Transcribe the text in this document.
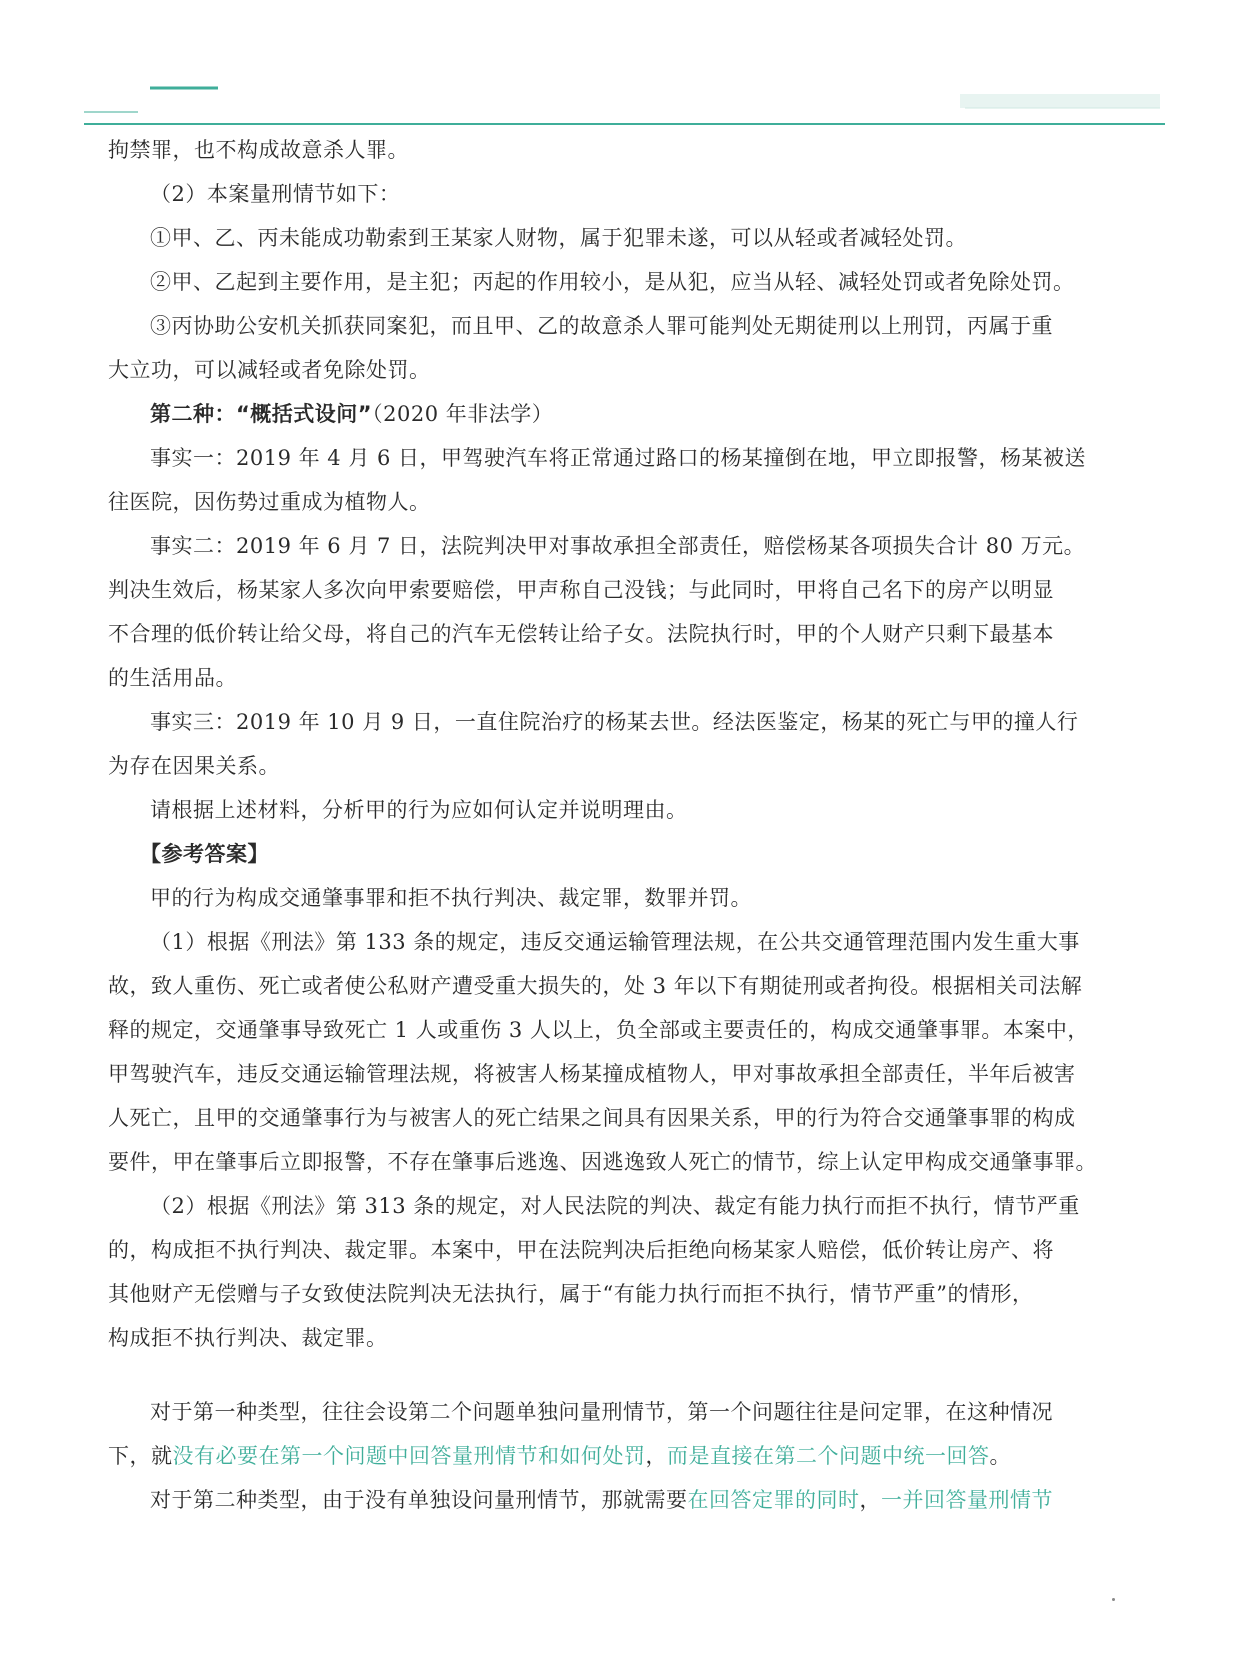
拘禁罪，也不构成故意杀人罪。
（2）本案量刑情节如下：
①甲、乙、丙未能成功勒索到王某家人财物，属于犯罪未遂，可以从轻或者减轻处罚。
②甲、乙起到主要作用，是主犯；丙起的作用较小，是从犯，应当从轻、减轻处罚或者免除处罚。
③丙协助公安机关抓获同案犯，而且甲、乙的故意杀人罪可能判处无期徒刑以上刑罚，丙属于重
大立功，可以减轻或者免除处罚。
第二种：“概括式设问”（2020 年非法学）
事实一：2019 年 4 月 6 日，甲驾驶汽车将正常通过路口的杨某撞倒在地，甲立即报警，杨某被送
往医院，因伤势过重成为植物人。
事实二：2019 年 6 月 7 日，法院判决甲对事故承担全部责任，赔偿杨某各项损失合计 80 万元。
判决生效后，杨某家人多次向甲索要赔偿，甲声称自己没钱；与此同时，甲将自己名下的房产以明显
不合理的低价转让给父母，将自己的汽车无偿转让给子女。法院执行时，甲的个人财产只剩下最基本
的生活用品。
事实三：2019 年 10 月 9 日，一直住院治疗的杨某去世。经法医鉴定，杨某的死亡与甲的撞人行
为存在因果关系。
请根据上述材料，分析甲的行为应如何认定并说明理由。
【参考答案】
甲的行为构成交通肇事罪和拒不执行判决、裁定罪，数罪并罚。
（1）根据《刑法》第 133 条的规定，违反交通运输管理法规，在公共交通管理范围内发生重大事
故，致人重伤、死亡或者使公私财产遭受重大损失的，处 3 年以下有期徒刑或者拘役。根据相关司法解
释的规定，交通肇事导致死亡 1 人或重伤 3 人以上，负全部或主要责任的，构成交通肇事罪。本案中，
甲驾驶汽车，违反交通运输管理法规，将被害人杨某撞成植物人，甲对事故承担全部责任，半年后被害
人死亡，且甲的交通肇事行为与被害人的死亡结果之间具有因果关系，甲的行为符合交通肇事罪的构成
要件，甲在肇事后立即报警，不存在肇事后逃逸、因逃逸致人死亡的情节，综上认定甲构成交通肇事罪。
（2）根据《刑法》第 313 条的规定，对人民法院的判决、裁定有能力执行而拒不执行，情节严重
的，构成拒不执行判决、裁定罪。本案中，甲在法院判决后拒绝向杨某家人赔偿，低价转让房产、将
其他财产无偿赠与子女致使法院判决无法执行，属于“有能力执行而拒不执行，情节严重”的情形，
构成拒不执行判决、裁定罪。
对于第一种类型，往往会设第二个问题单独问量刑情节，第一个问题往往是问定罪，在这种情况
下，就没有必要在第一个问题中回答量刑情节和如何处罚，而是直接在第二个问题中统一回答。
对于第二种类型，由于没有单独设问量刑情节，那就需要在回答定罪的同时，一并回答量刑情节
